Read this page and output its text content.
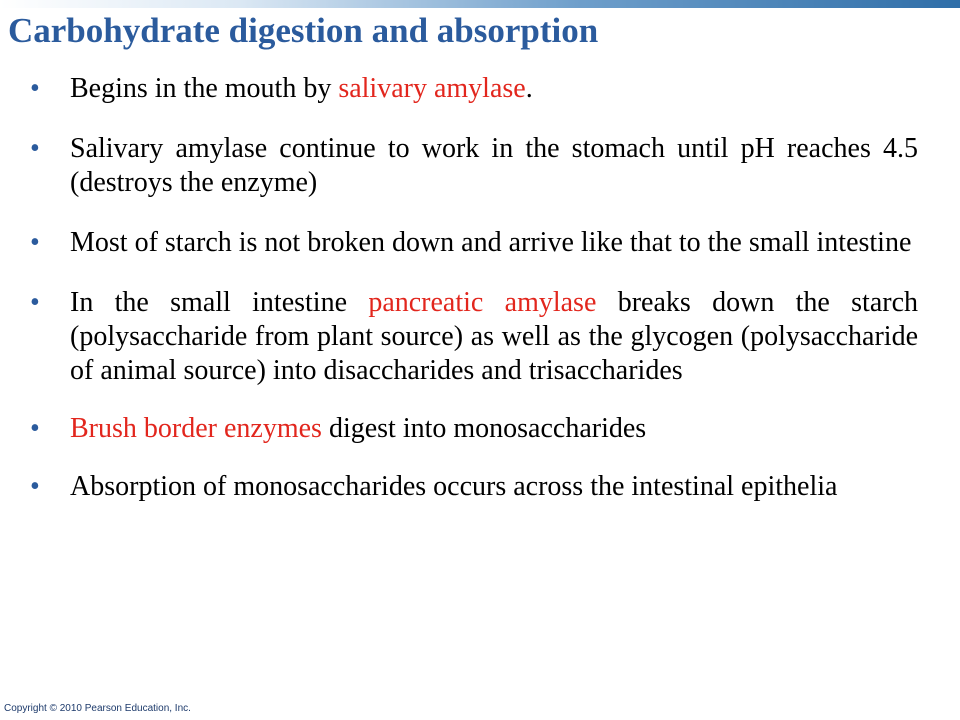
Carbohydrate digestion and absorption
• Begins in the mouth by salivary amylase.
• Salivary amylase continue to work in the stomach until pH reaches 4.5 (destroys the enzyme)
• Most of starch is not broken down and arrive like that to the small intestine
• In the small intestine pancreatic amylase breaks down the starch (polysaccharide from plant source) as well as the glycogen (polysaccharide of animal source) into disaccharides and trisaccharides
• Brush border enzymes digest into monosaccharides
• Absorption of monosaccharides occurs across the intestinal epithelia
Copyright © 2010 Pearson Education, Inc.
